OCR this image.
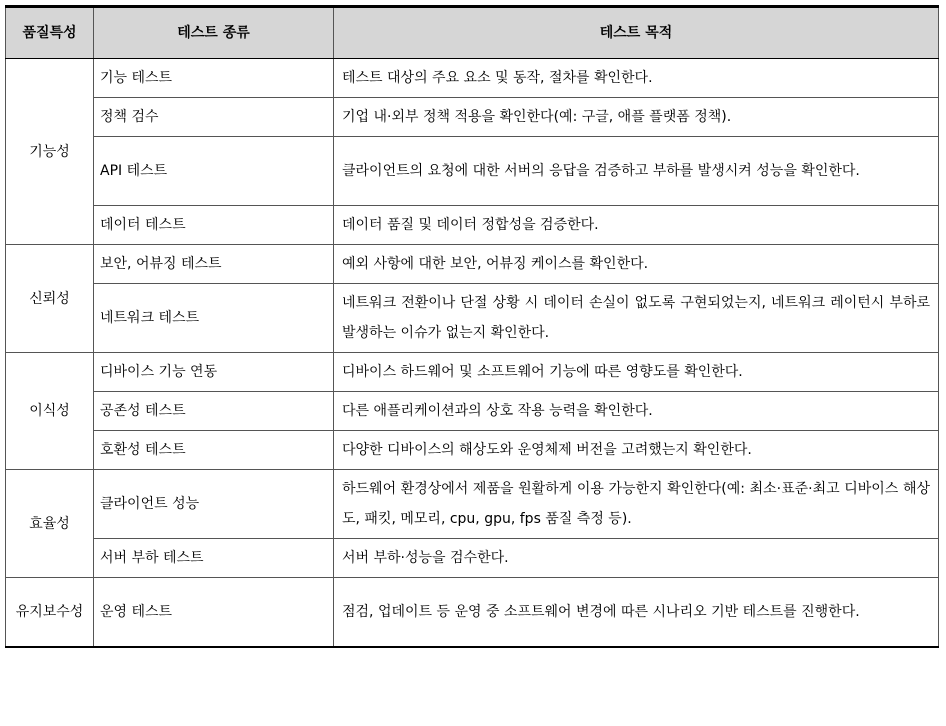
품질특성	테스트 종류	테스트 목적
기능성	기능 테스트	테스트 대상의 주요 요소 및 동작, 절차를 확인한다.
	정책 검수	기업 내·외부 정책 적용을 확인한다(예: 구글, 애플 플랫폼 정책).
	API 테스트	클라이언트의 요청에 대한 서버의 응답을 검증하고 부하를 발생시켜 성능을 확인한다.
	데이터 테스트	데이터 품질 및 데이터 정합성을 검증한다.
신뢰성	보안, 어뷰징 테스트	예외 사항에 대한 보안, 어뷰징 케이스를 확인한다.
	네트워크 테스트	네트워크 전환이나 단절 상황 시 데이터 손실이 없도록 구현되었는지, 네트워크 레이턴시 부하로 발생하는 이슈가 없는지 확인한다.
이식성	디바이스 기능 연동	디바이스 하드웨어 및 소프트웨어 기능에 따른 영향도를 확인한다.
	공존성 테스트	다른 애플리케이션과의 상호 작용 능력을 확인한다.
	호환성 테스트	다양한 디바이스의 해상도와 운영체제 버전을 고려했는지 확인한다.
효율성	클라이언트 성능	하드웨어 환경상에서 제품을 원활하게 이용 가능한지 확인한다(예: 최소·표준·최고 디바이스 해상도, 패킷, 메모리, cpu, gpu, fps 품질 측정 등).
	서버 부하 테스트	서버 부하·성능을 검수한다.
유지보수성	운영 테스트	점검, 업데이트 등 운영 중 소프트웨어 변경에 따른 시나리오 기반 테스트를 진행한다.
